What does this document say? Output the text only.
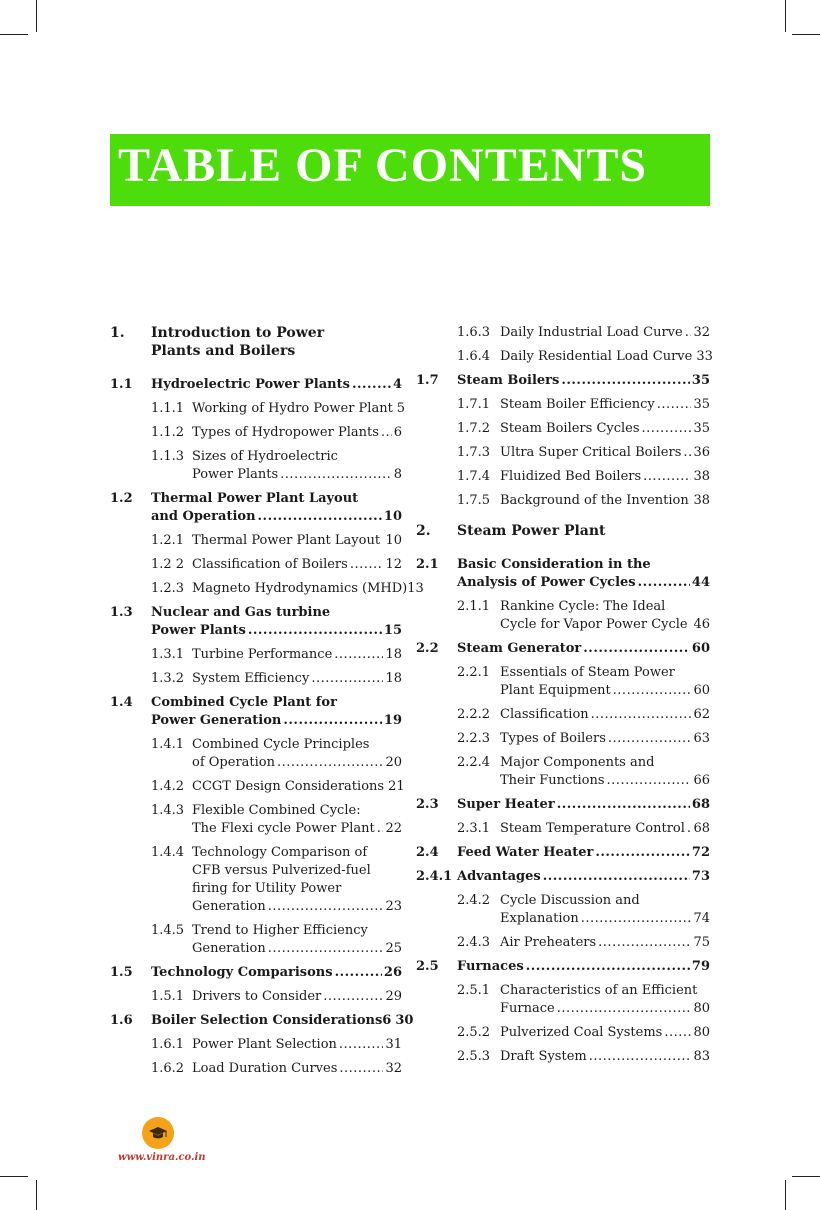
TABLE OF CONTENTS
1. Introduction to Power
Plants and Boilers
1.1 Hydroelectric Power Plants .....	4
1.1.1 Working of Hydro Power Plant 5
1.1.2 Types of Hydropower Plants ..... 6
1.1.3 Sizes of Hydroelectric
Power Plants .....	8
1.2 Thermal Power Plant Layout
and Operation .....	10
1.2.1 Thermal Power Plant Layout ..... 10
1.2 2 Classification of Boilers .....	12
1.2.3 Magneto Hydrodynamics (MHD)13
1.3 Nuclear and Gas turbine
Power Plants .....	15
1.3.1 Turbine Performance .....	18
1.3.2 System Efficiency .....	18
1.4 Combined Cycle Plant for
Power Generation .....	19
1.4.1 Combined Cycle Principles
of Operation .....	20
1.4.2 CCGT Design Considerations 21
1.4.3 Flexible Combined Cycle:
The Flexi cycle Power Plant ..... 22
1.4.4 Technology Comparison of
CFB versus Pulverized-fuel
firing for Utility Power
Generation .....	23
1.4.5 Trend to Higher Efficiency
Generation .....	25
1.5 Technology Comparisons .....	26
1.5.1 Drivers to Consider .....	29
1.6 Boiler Selection Considerations6 30
1.6.1 Power Plant Selection .....	31
1.6.2 Load Duration Curves .....	32
1.6.3 Daily Industrial Load Curve ..... 32
1.6.4 Daily Residential Load Curve 33
1.7 Steam Boilers .....	35
1.7.1 Steam Boiler Efficiency .....	35
1.7.2 Steam Boilers Cycles .....	35
1.7.3 Ultra Super Critical Boilers ..... 36
1.7.4 Fluidized Bed Boilers .....	38
1.7.5 Background of the Invention ..... 38
2. Steam Power Plant
2.1 Basic Consideration in the
Analysis of Power Cycles .....	44
2.1.1 Rankine Cycle: The Ideal
Cycle for Vapor Power Cycle ..... 46
2.2 Steam Generator .....	60
2.2.1 Essentials of Steam Power
Plant Equipment .....	60
2.2.2 Classification .....	62
2.2.3 Types of Boilers .....	63
2.2.4 Major Components and
Their Functions .....	66
2.3 Super Heater .....	68
2.3.1 Steam Temperature Control ..... 68
2.4 Feed Water Heater .....	72
2.4.1 Advantages .....	73
2.4.2 Cycle Discussion and
Explanation .....	74
2.4.3 Air Preheaters .....	75
2.5 Furnaces .....	79
2.5.1 Characteristics of an Efficient
Furnace .....	80
2.5.2 Pulverized Coal Systems ..... 80
2.5.3 Draft System .....	83
www.vinra.co.in
